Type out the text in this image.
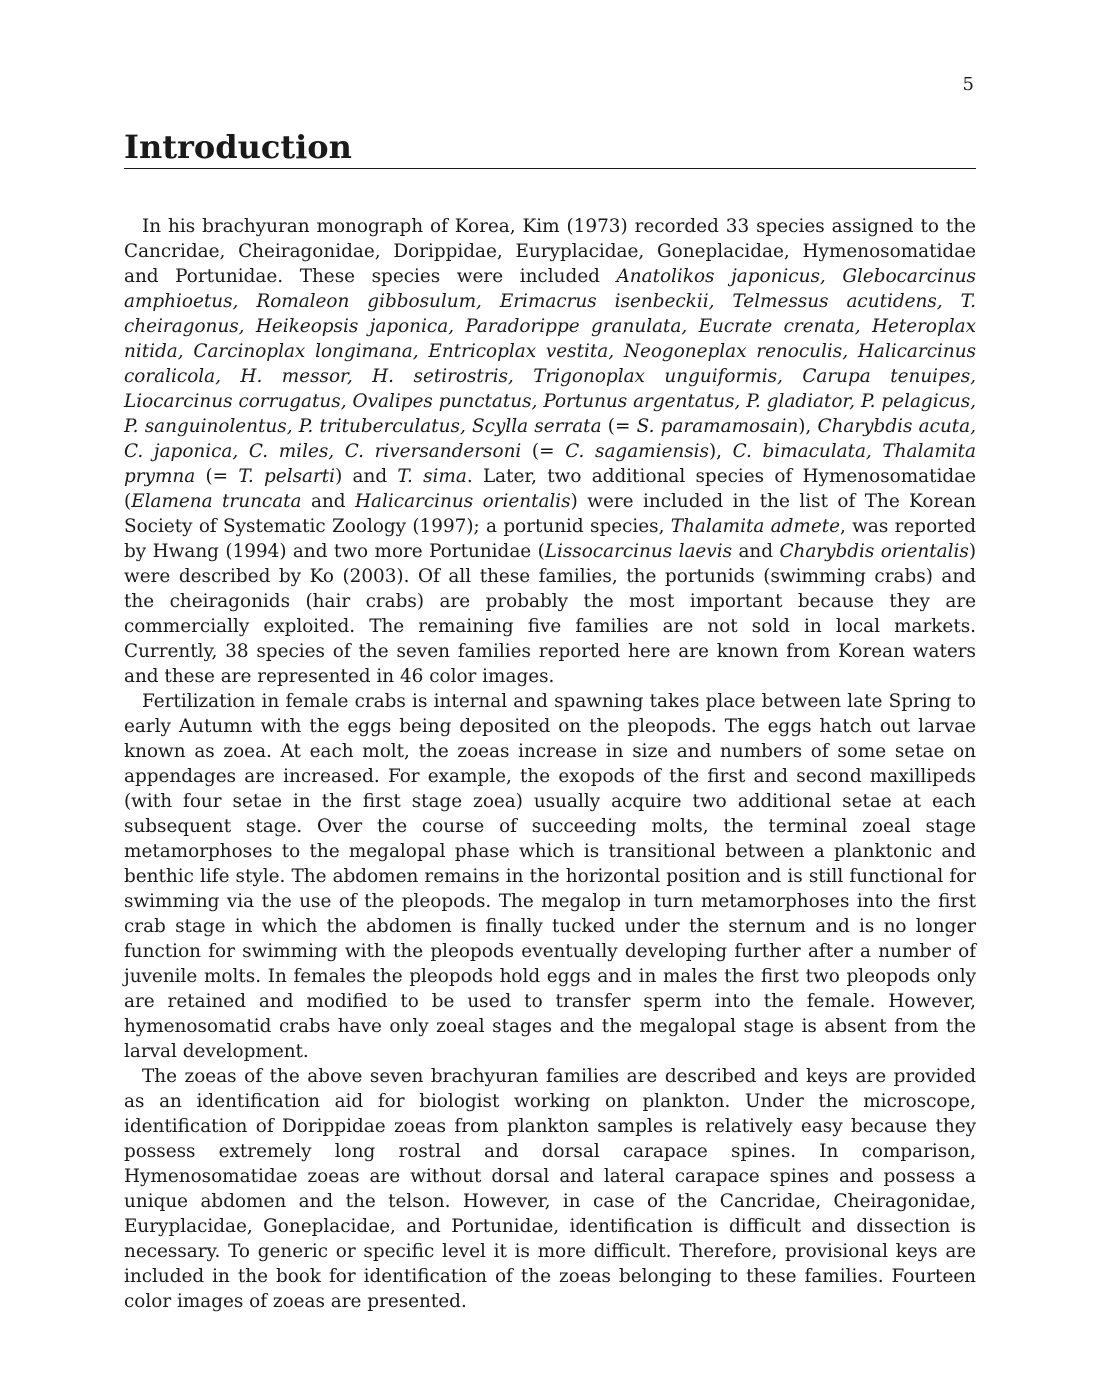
5
Introduction

In his brachyuran monograph of Korea, Kim (1973) recorded 33 species assigned to the Cancridae, Cheiragonidae, Dorippidae, Euryplacidae, Goneplacidae, Hymenosomatidae and Portunidae. These species were included Anatolikos japonicus, Glebocarcinus amphioetus, Romaleon gibbosulum, Erimacrus isenbeckii, Telmessus acutidens, T. cheiragonus, Heikeopsis japonica, Paradorippe granulata, Eucrate crenata, Heteroplax nitida, Carcinoplax longimana, Entricoplax vestita, Neogoneplax renoculis, Halicarcinus coralicola, H. messor, H. setirostris, Trigonoplax unguiformis, Carupa tenuipes, Liocarcinus corrugatus, Ovalipes punctatus, Portunus argentatus, P. gladiator, P. pelagicus, P. sanguinolentus, P. trituberculatus, Scylla serrata (= S. paramamosain), Charybdis acuta, C. japonica, C. miles, C. riversandersoni (= C. sagamiensis), C. bimaculata, Thalamita prymna (= T. pelsarti) and T. sima. Later, two additional species of Hymenosomatidae (Elamena truncata and Halicarcinus orientalis) were included in the list of The Korean Society of Systematic Zoology (1997); a portunid species, Thalamita admete, was reported by Hwang (1994) and two more Portunidae (Lissocarcinus laevis and Charybdis orientalis) were described by Ko (2003). Of all these families, the portunids (swimming crabs) and the cheiragonids (hair crabs) are probably the most important because they are commercially exploited. The remaining five families are not sold in local markets. Currently, 38 species of the seven families reported here are known from Korean waters and these are represented in 46 color images.

Fertilization in female crabs is internal and spawning takes place between late Spring to early Autumn with the eggs being deposited on the pleopods. The eggs hatch out larvae known as zoea. At each molt, the zoeas increase in size and numbers of some setae on appendages are increased. For example, the exopods of the first and second maxillipeds (with four setae in the first stage zoea) usually acquire two additional setae at each subsequent stage. Over the course of succeeding molts, the terminal zoeal stage metamorphoses to the megalopal phase which is transitional between a planktonic and benthic life style. The abdomen remains in the horizontal position and is still functional for swimming via the use of the pleopods. The megalop in turn metamorphoses into the first crab stage in which the abdomen is finally tucked under the sternum and is no longer function for swimming with the pleopods eventually developing further after a number of juvenile molts. In females the pleopods hold eggs and in males the first two pleopods only are retained and modified to be used to transfer sperm into the female. However, hymenosomatid crabs have only zoeal stages and the megalopal stage is absent from the larval development.

The zoeas of the above seven brachyuran families are described and keys are provided as an identification aid for biologist working on plankton. Under the microscope, identification of Dorippidae zoeas from plankton samples is relatively easy because they possess extremely long rostral and dorsal carapace spines. In comparison, Hymenosomatidae zoeas are without dorsal and lateral carapace spines and possess a unique abdomen and the telson. However, in case of the Cancridae, Cheiragonidae, Euryplacidae, Goneplacidae, and Portunidae, identification is difficult and dissection is necessary. To generic or specific level it is more difficult. Therefore, provisional keys are included in the book for identification of the zoeas belonging to these families. Fourteen color images of zoeas are presented.
